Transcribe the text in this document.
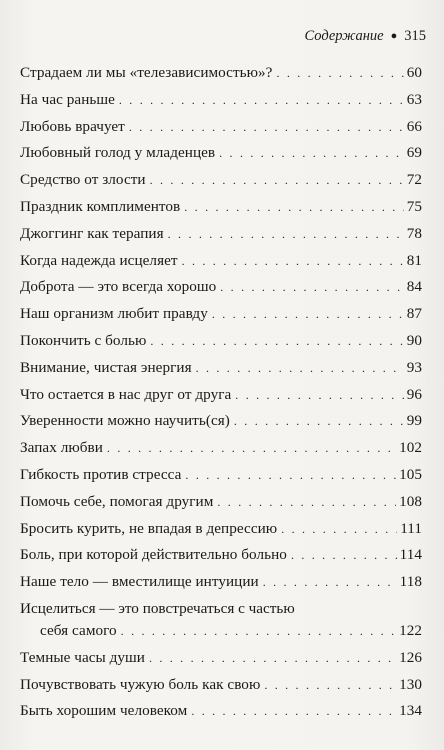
Содержание ● 315
Страдаем ли мы «телезависимостью»? . . .	60
На час раньше . . .	63
Любовь врачует . . .	66
Любовный голод у младенцев . . .	69
Средство от злости . . .	72
Праздник комплиментов . . .	75
Джоггинг как терапия . . .	78
Когда надежда исцеляет . . .	81
Доброта — это всегда хорошо . . .	84
Наш организм любит правду . . .	87
Покончить с болью . . .	90
Внимание, чистая энергия . . .	93
Что остается в нас друг от друга . . .	96
Уверенности можно научить(ся) . . .	99
Запах любви . . .	102
Гибкость против стресса . . .	105
Помочь себе, помогая другим . . .	108
Бросить курить, не впадая в депрессию . . .	111
Боль, при которой действительно больно . . .	114
Наше тело — вместилище интуиции . . .	118
Исцелиться — это повстречаться с частью
себя самого . . .	122
Темные часы души . . .	126
Почувствовать чужую боль как свою . . .	130
Быть хорошим человеком . . .	134
